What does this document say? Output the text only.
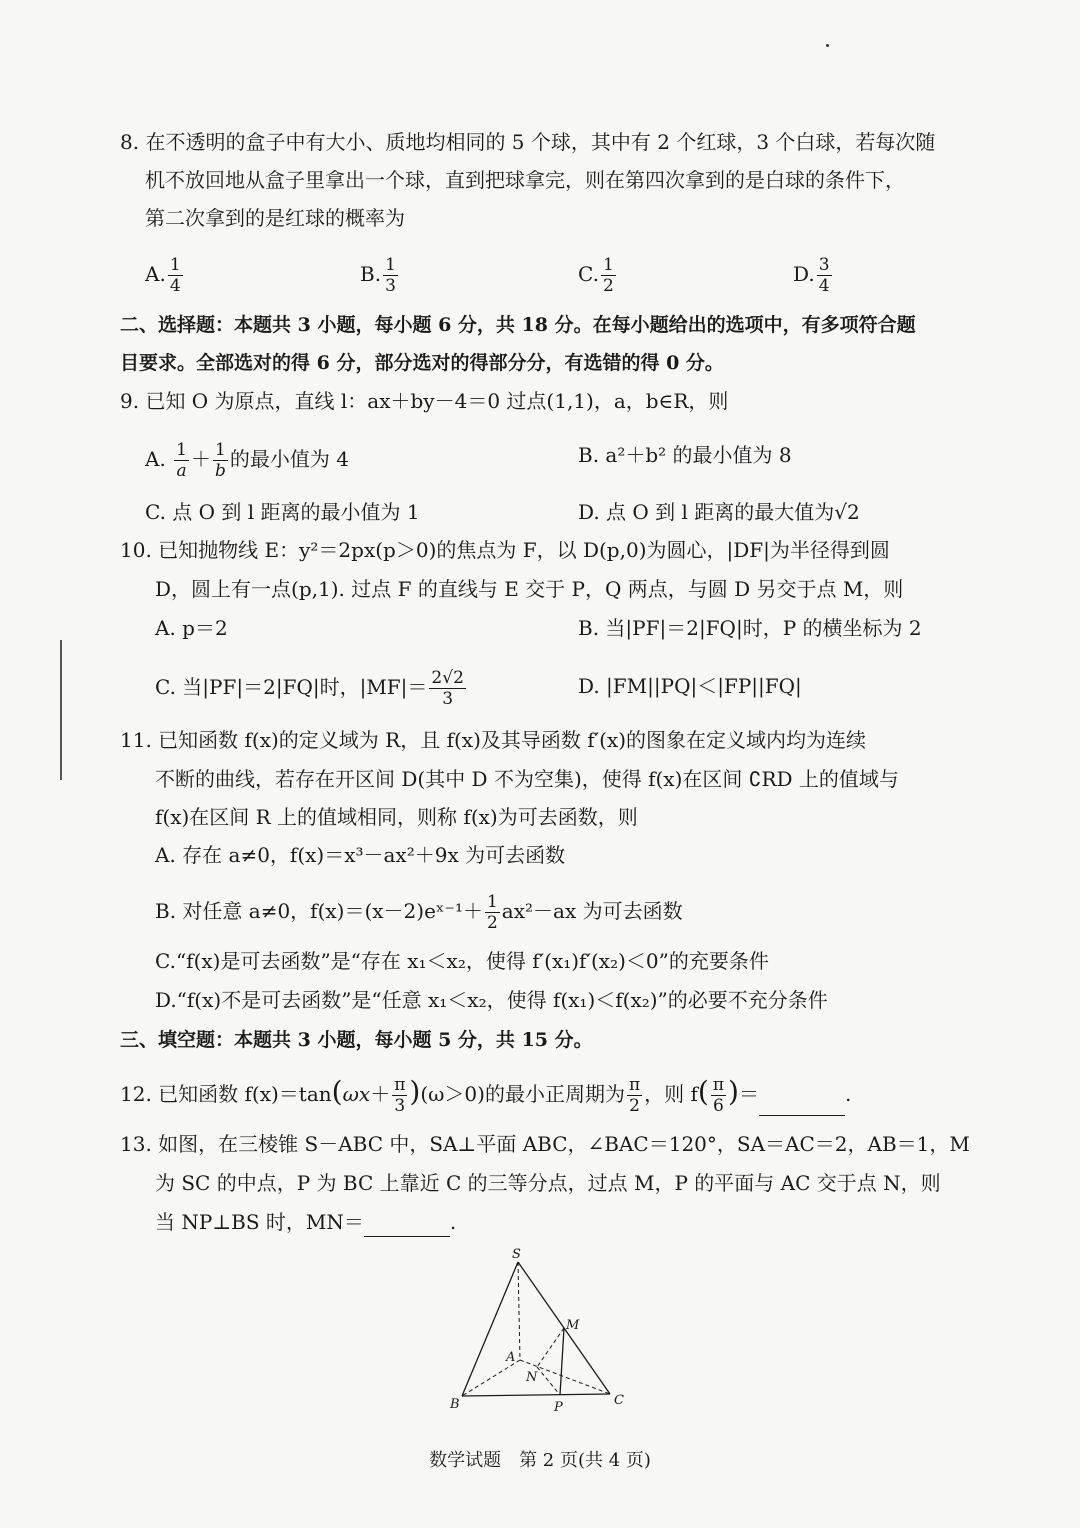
8. 在不透明的盒子中有大小、质地均相同的 5 个球，其中有 2 个红球，3 个白球，若每次随
机不放回地从盒子里拿出一个球，直到把球拿完，则在第四次拿到的是白球的条件下，
第二次拿到的是红球的概率为
A. $\frac{1}{4}$	B. $\frac{1}{3}$	C. $\frac{1}{2}$	D. $\frac{3}{4}$
二、选择题：本题共 3 小题，每小题 6 分，共 18 分。在每小题给出的选项中，有多项符合题
目要求。全部选对的得 6 分，部分选对的得部分分，有选错的得 0 分。
9. 已知 O 为原点，直线 l：ax＋by－4＝0 过点(1,1)，a，b∈R，则
A. $\frac{1}{a} + \frac{1}{b}$ 的最小值为 4	B. a²＋b² 的最小值为 8
C. 点 O 到 l 距离的最小值为 1	D. 点 O 到 l 距离的最大值为√2
10. 已知抛物线 E：y²＝2px(p＞0)的焦点为 F，以 D(p,0)为圆心，|DF|为半径得到圆
D，圆上有一点(p,1). 过点 F 的直线与 E 交于 P，Q 两点，与圆 D 另交于点 M，则
A. p＝2	B. 当|PF|＝2|FQ|时，P 的横坐标为 2
C. 当|PF|＝2|FQ|时，$|MF|= \frac{2√2}{3}$	D. |FM||PQ|＜|FP||FQ|
11. 已知函数 f(x)的定义域为 R，且 f(x)及其导函数 f′(x)的图象在定义域内均为连续
不断的曲线，若存在开区间 D(其中 D 不为空集)，使得 f(x)在区间 ∁RD 上的值域与
f(x)在区间 R 上的值域相同，则称 f(x)为可去函数，则
A. 存在 a≠0，f(x)＝x³－ax²＋9x 为可去函数
B. 对任意 a≠0，f(x)＝(x－2)eˣ⁻¹＋ $\frac{1}{2} ax^2-ax$ 为可去函数
C.“f(x)是可去函数”是“存在 x₁＜x₂，使得 f′(x₁)f′(x₂)＜0”的充要条件
D.“f(x)不是可去函数”是“任意 x₁＜x₂，使得 f(x₁)＜f(x₂)”的必要不充分条件
三、填空题：本题共 3 小题，每小题 5 分，共 15 分。
12. 已知函数 $f(x)=\tan(\omega x+ \frac{\pi}{3} )(\omega>0)$的最小正周期为 $\frac{\pi}{2}$ ，则 $f( \frac{\pi}{6}$ )＝	.
13. 如图，在三棱锥 S－ABC 中，SA⊥平面 ABC，∠BAC＝120°，SA＝AC＝2，AB＝1，M
为 SC 的中点，P 为 BC 上靠近 C 的三等分点，过点 M，P 的平面与 AC 交于点 N，则
当 NP⊥BS 时，MN＝	.
S
A
B	C
M
N
P
数学试题　第 2 页(共 4 页)
